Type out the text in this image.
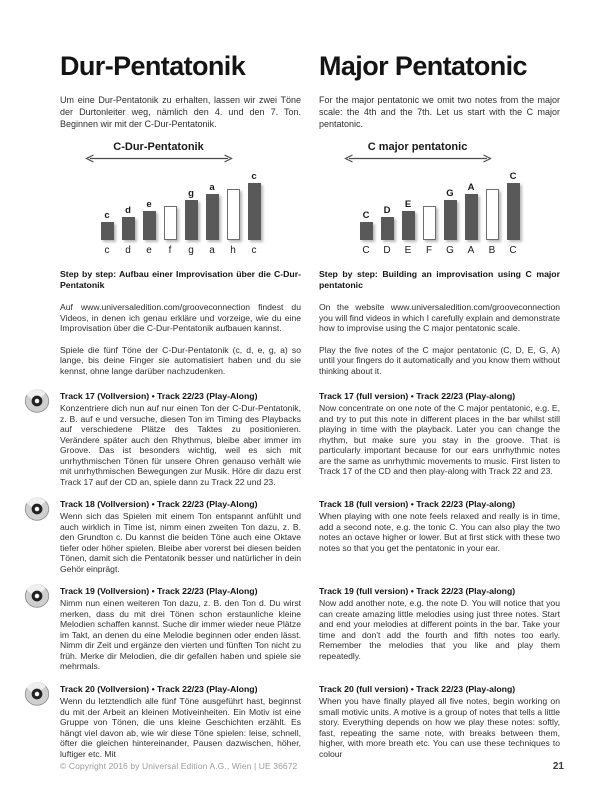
Dur-Pentatonik	Major Pentatonic

Um eine Dur-Pentatonik zu erhalten, lassen wir zwei Töne der Durtonleiter weg, nämlich den 4. und den 7. Ton. Beginnen wir mit der C-Dur-Pentatonik.

For the major pentatonic we omit two notes from the major scale: the 4th and the 7th. Let us start with the C major pentatonic.

C-Dur-Pentatonik
c	d
e
g
a
c
c	d	e	f	g	a	h	c
C major pentatonic
C	D
E
G
A
C
C D	E	F	G	A	B	C
Step by step: Aufbau einer Improvisation über die C-Dur-Pentatonik

Auf www.universaledition.com/grooveconnection findest du Videos, in denen ich genau erkläre und vorzeige, wie du eine Improvisation über die C-Dur-Pentatonik aufbauen kannst.

Spiele die fünf Töne der C-Dur-Pentatonik (c, d, e, g, a) so lange, bis deine Finger sie automatisiert haben und du sie kennst, ohne lange darüber nachzudenken.

Step by step: Building an improvisation using C major pentatonic

On the website www.universaledition.com/grooveconnection you will find videos in which I carefully explain and demonstrate how to improvise using the C major pentatonic scale.

Play the five notes of the C major pentatonic (C, D, E, G, A) until your fingers do it automatically and you know them without thinking about it.

Track 17 (Vollversion) • Track 22/23 (Play-Along)

Konzentriere dich nun auf nur einen Ton der C-Dur-Pentatonik, z. B. auf e und versuche, diesen Ton im Timing des Playbacks auf verschiedene Plätze des Taktes zu positionieren. Verändere später auch den Rhythmus, bleibe aber immer im Groove. Das ist besonders wichtig, weil es sich mit unrhythmischen Tönen für unsere Ohren genauso verhält wie mit unrhythmischen Bewegungen zur Musik. Höre dir dazu erst Track 17 auf der CD an, spiele dann zu Track 22 und 23.

Track 17 (full version) • Track 22/23 (Play-along)

Now concentrate on one note of the C major pentatonic, e.g. E, and try to put this note in different places in the bar whilst still playing in time with the playback. Later you can change the rhythm, but make sure you stay in the groove. That is particularly important because for our ears unrhythmic notes are the same as unrhythmic movements to music. First listen to Track 17 of the CD and then play-along with Track 22 and 23.

Track 18 (Vollversion) • Track 22/23 (Play-Along)

Wenn sich das Spielen mit einem Ton entspannt anfühlt und auch wirklich in Time ist, nimm einen zweiten Ton dazu, z. B. den Grundton c. Du kannst die beiden Töne auch eine Oktave tiefer oder höher spielen. Bleibe aber vorerst bei diesen beiden Tönen, damit sich die Pentatonik besser und natürlicher in dein Gehör einprägt.

Track 18 (full version) • Track 22/23 (Play-along)

When playing with one note feels relaxed and really is in time, add a second note, e.g. the tonic C. You can also play the two notes an octave higher or lower. But at first stick with these two notes so that you get the pentatonic in your ear.

Track 19 (Vollversion) • Track 22/23 (Play-Along)

Nimm nun einen weiteren Ton dazu, z. B. den Ton d. Du wirst merken, dass du mit drei Tönen schon erstaunliche kleine Melodien schaffen kannst. Suche dir immer wieder neue Plätze im Takt, an denen du eine Melodie beginnen oder enden lässt. Nimm dir Zeit und ergänze den vierten und fünften Ton nicht zu früh. Merke dir Melodien, die dir gefallen haben und spiele sie mehrmals.

Track 19 (full version) • Track 22/23 (Play-along)

Now add another note, e.g. the note D. You will notice that you can create amazing little melodies using just three notes. Start and end your melodies at different points in the bar. Take your time and don't add the fourth and fifth notes too early. Remember the melodies that you like and play them repeatedly.

Track 20 (Vollversion) • Track 22/23 (Play-Along)

Wenn du letztendlich alle fünf Töne ausgeführt hast, beginnst du mit der Arbeit an kleinen Motiveinheiten. Ein Motiv ist eine Gruppe von Tönen, die uns kleine Geschichten erzählt. Es hängt viel davon ab, wie wir diese Töne spielen: leise, schnell, öfter die gleichen hintereinander, Pausen dazwischen, höher, luftiger etc. Mit

Track 20 (full version) • Track 22/23 (Play-along)

When you have finally played all five notes, begin working on small motivic units. A motive is a group of notes that tells a little story. Everything depends on how we play these notes: softly, fast, repeating the same note, with breaks between them, higher, with more breath etc. You can use these techniques to colour

© Copyright 2016 by Universal Edition A.G., Wien | UE 36672	21
